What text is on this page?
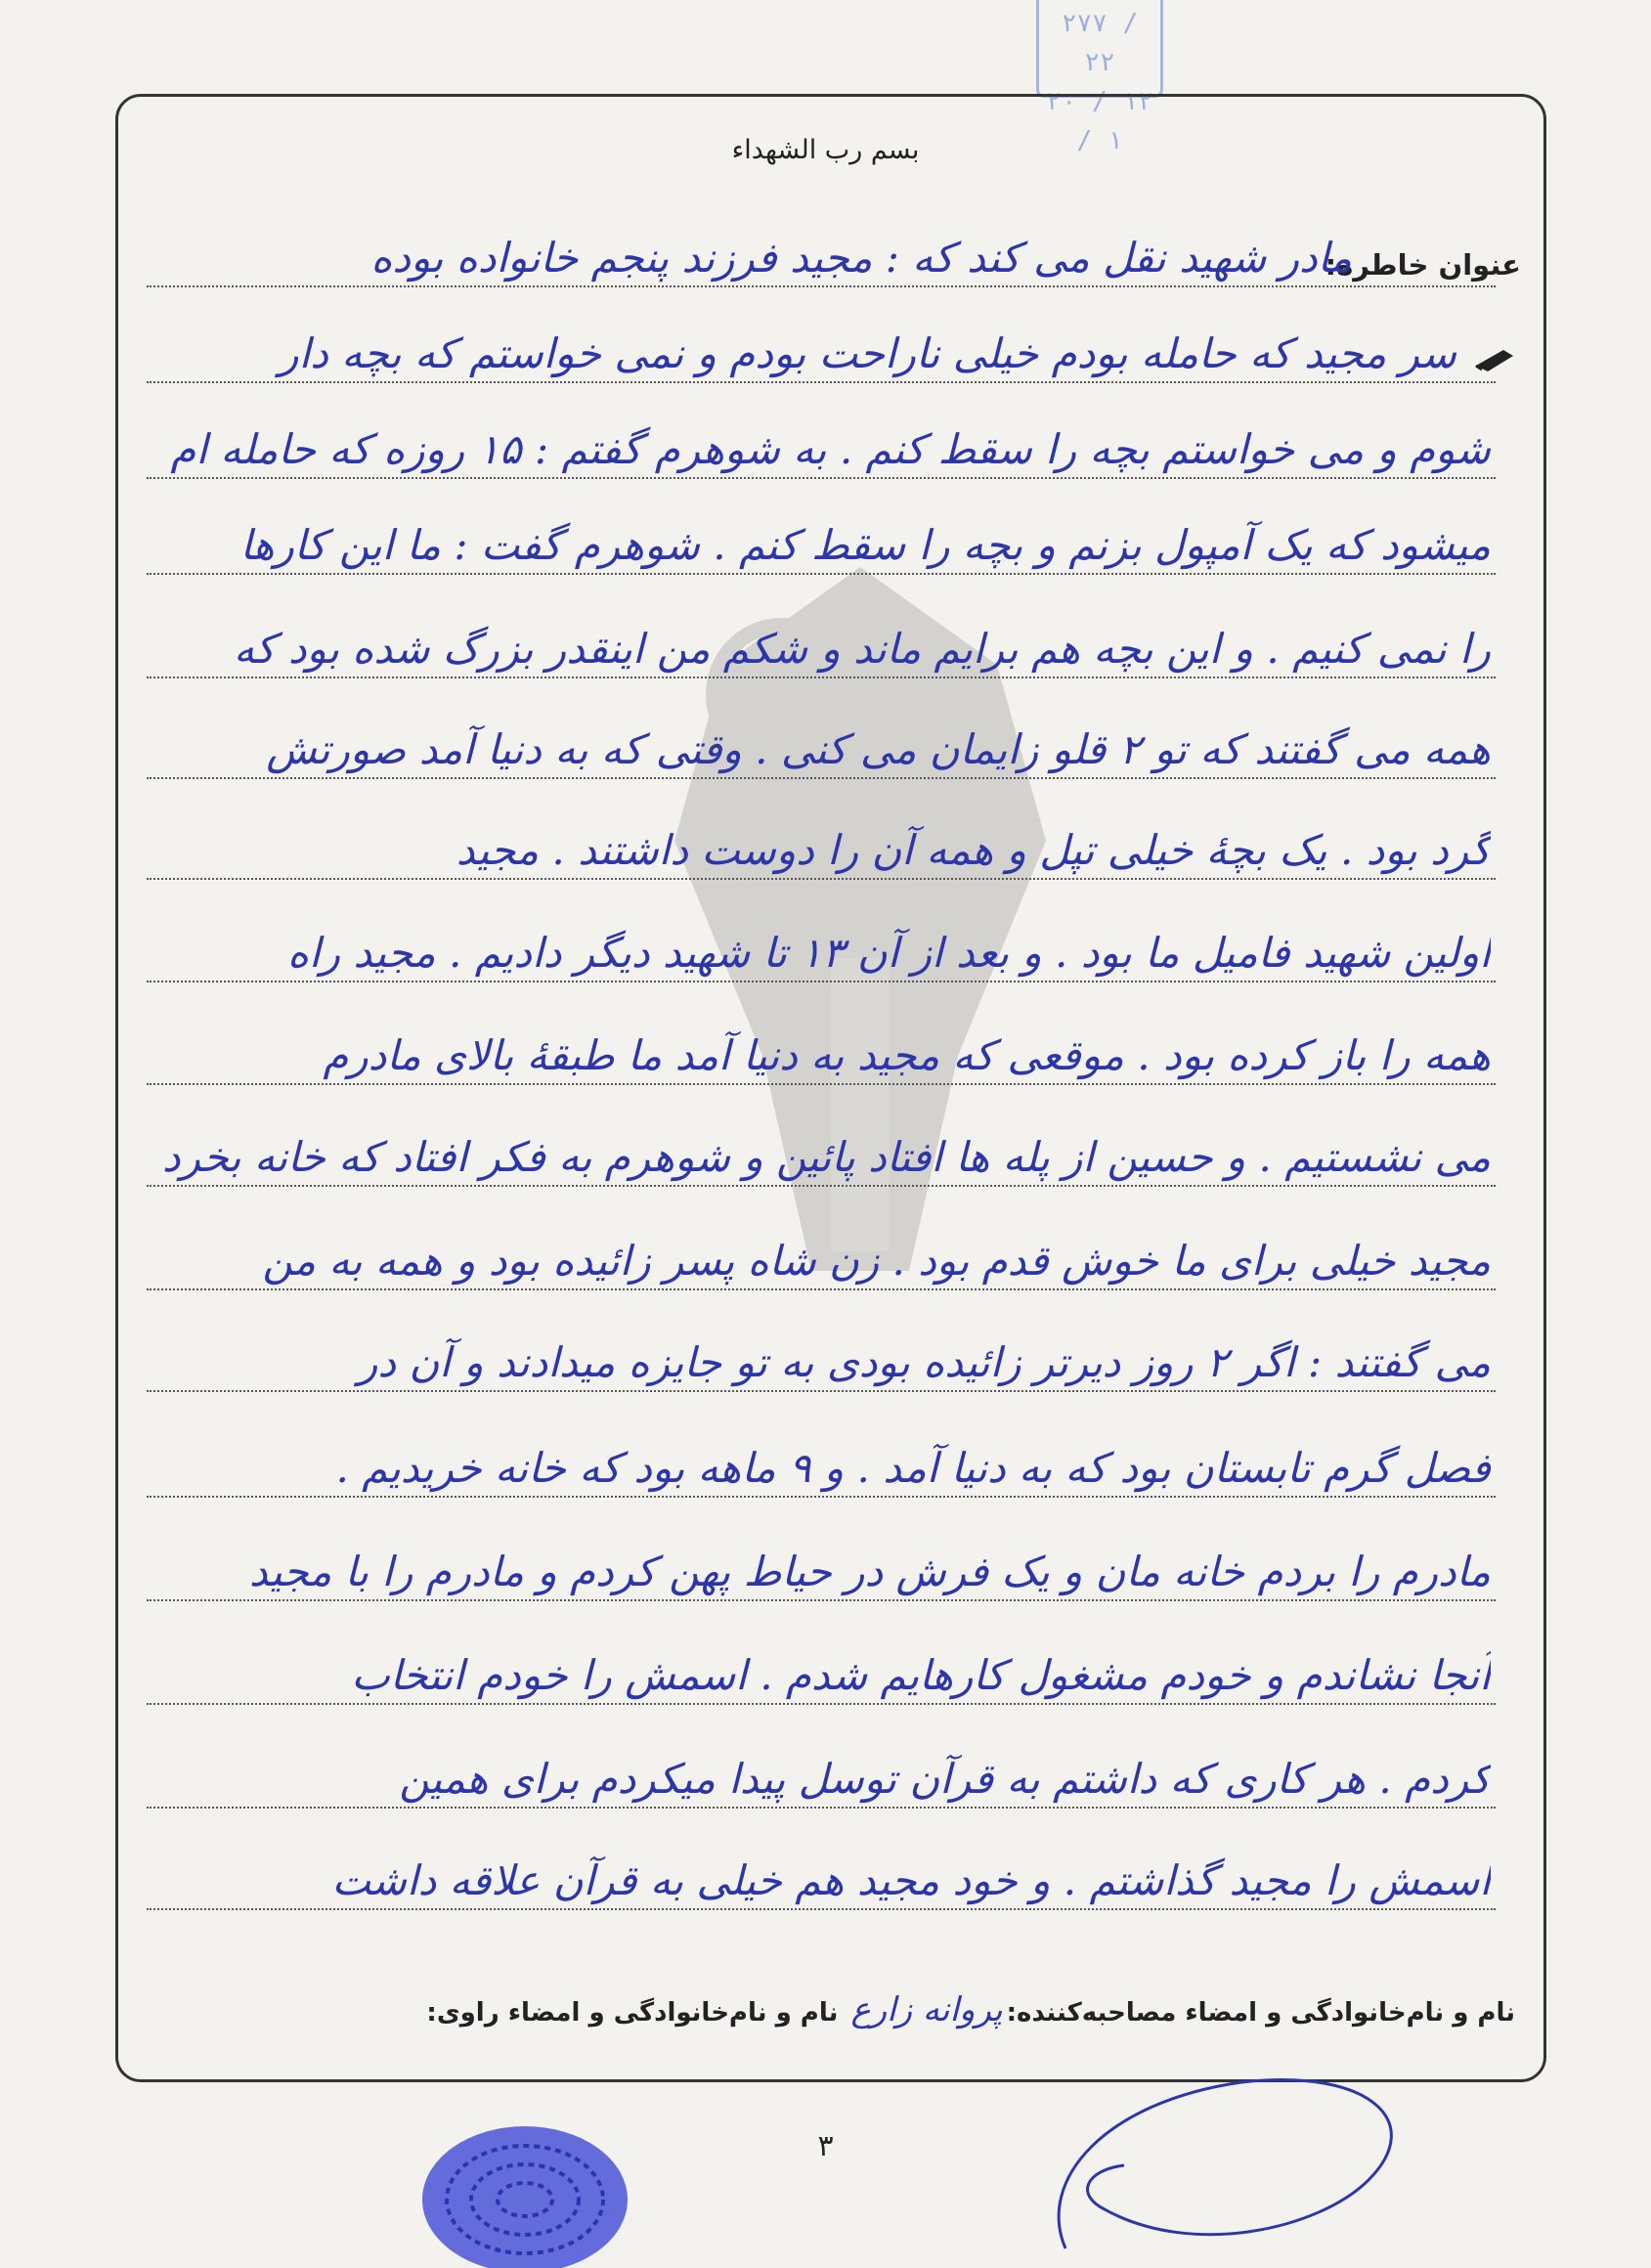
۲۷۷ / ۲۲
۲۰ / ۱۲ / ۱
بسم رب الشهداء
عنوان خاطره:
مادر شهید نقل می کند که : مجید فرزند پنجم خانواده بوده
سر مجید که حامله بودم خیلی ناراحت بودم و نمی خواستم که بچه دار
شوم و می خواستم بچه را سقط کنم . به شوهرم گفتم : ۱۵ روزه که حامله ام
میشود که یک آمپول بزنم و بچه را سقط کنم . شوهرم گفت : ما این کارها
را نمی کنیم . و این بچه هم برایم ماند و شکم من اینقدر بزرگ شده بود که
همه می گفتند که تو ۲ قلو زایمان می کنی . وقتی که به دنیا آمد صورتش
گرد بود . یک بچهٔ خیلی تپل و همه آن را دوست داشتند . مجید
اولین شهید فامیل ما بود . و بعد از آن ۱۳ تا شهید دیگر دادیم . مجید راه
همه را باز کرده بود . موقعی که مجید به دنیا آمد ما طبقهٔ بالای مادرم
می نشستیم . و حسین از پله ها افتاد پائین و شوهرم به فکر افتاد که خانه بخرد
مجید خیلی برای ما خوش قدم بود . زن شاه پسر زائیده بود و همه به من
می گفتند : اگر ۲ روز دیرتر زائیده بودی به تو جایزه میدادند و آن در
فصل گرم تابستان بود که به دنیا آمد . و ۹ ماهه بود که خانه خریدیم .
مادرم را بردم خانه مان و یک فرش در حیاط پهن کردم و مادرم را با مجید
آنجا نشاندم و خودم مشغول کارهایم شدم . اسمش را خودم انتخاب
کردم . هر کاری که داشتم به قرآن توسل پیدا میکردم برای همین
اسمش را مجید گذاشتم . و خود مجید هم خیلی به قرآن علاقه داشت
نام و نام‌خانوادگی و امضاء مصاحبه‌کننده:پروانه زارع نام و نام‌خانوادگی و امضاء راوی:
۳
